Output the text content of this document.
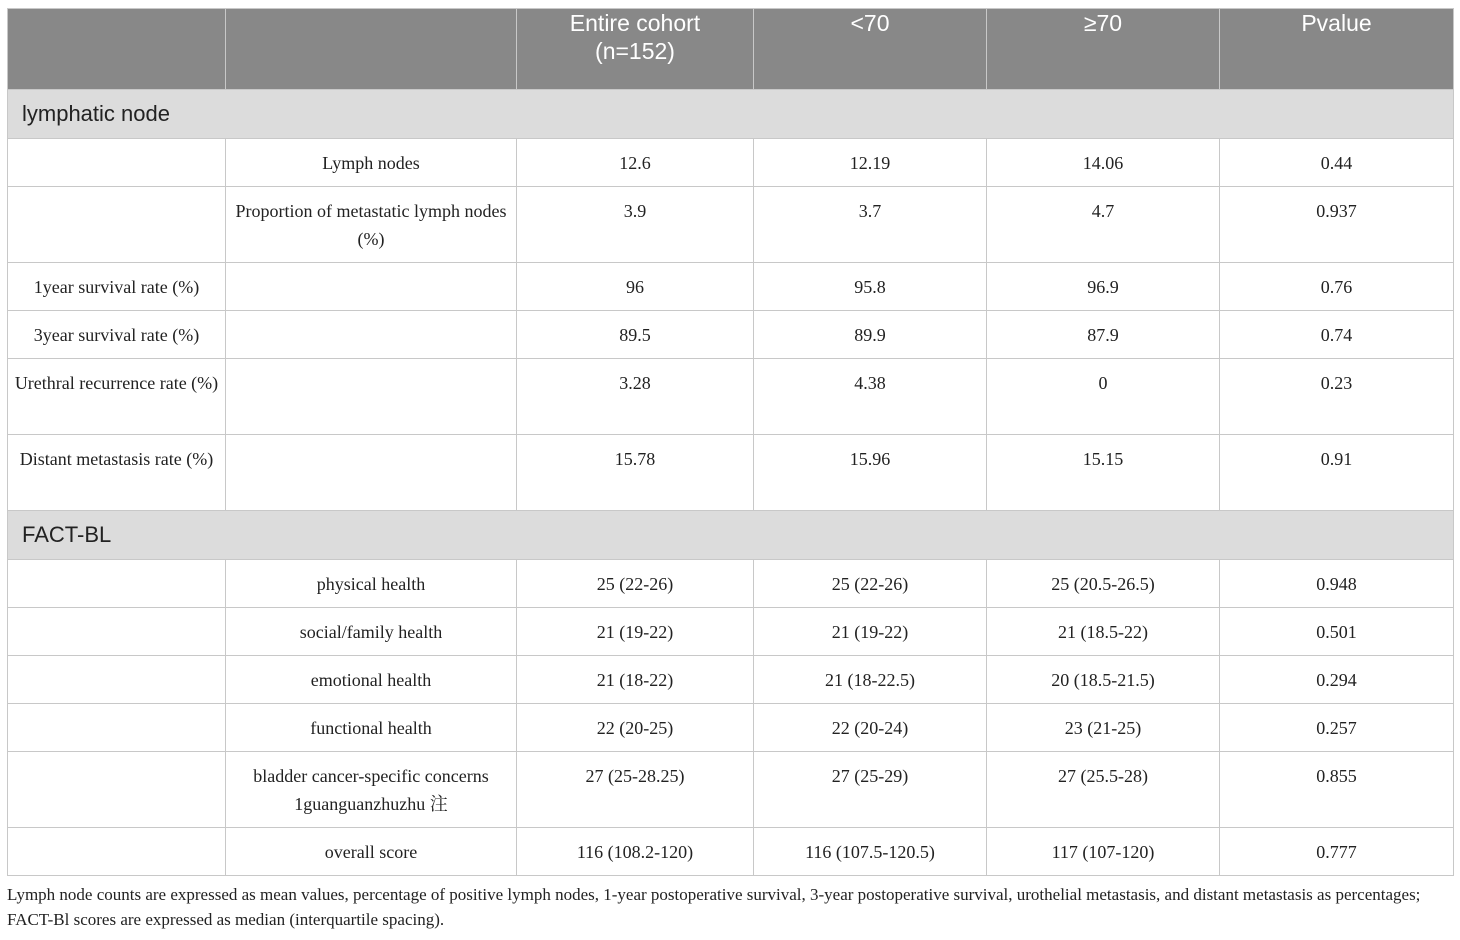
		Entire cohort (n=152)	<70	≥70	Pvalue
lymphatic node					
	Lymph nodes	12.6	12.19	14.06	0.44
	Proportion of metastatic lymph nodes (%)	3.9	3.7	4.7	0.937
1year survival rate (%)		96	95.8	96.9	0.76
3year survival rate (%)		89.5	89.9	87.9	0.74
Urethral recurrence rate (%)		3.28	4.38	0	0.23
Distant metastasis rate (%)		15.78	15.96	15.15	0.91
FACT-BL					
	physical health	25 (22-26)	25 (22-26)	25 (20.5-26.5)	0.948
	social/family health	21 (19-22)	21 (19-22)	21 (18.5-22)	0.501
	emotional health	21 (18-22)	21 (18-22.5)	20 (18.5-21.5)	0.294
	functional health	22 (20-25)	22 (20-24)	23 (21-25)	0.257
	bladder cancer-specific concerns 1guanguanzhuzhu 注	27 (25-28.25)	27 (25-29)	27 (25.5-28)	0.855
	overall score	116 (108.2-120)	116 (107.5-120.5)	117 (107-120)	0.777
Lymph node counts are expressed as mean values, percentage of positive lymph nodes, 1-year postoperative survival, 3-year postoperative survival, urothelial metastasis, and distant metastasis as percentages; FACT-Bl scores are expressed as median (interquartile spacing).
